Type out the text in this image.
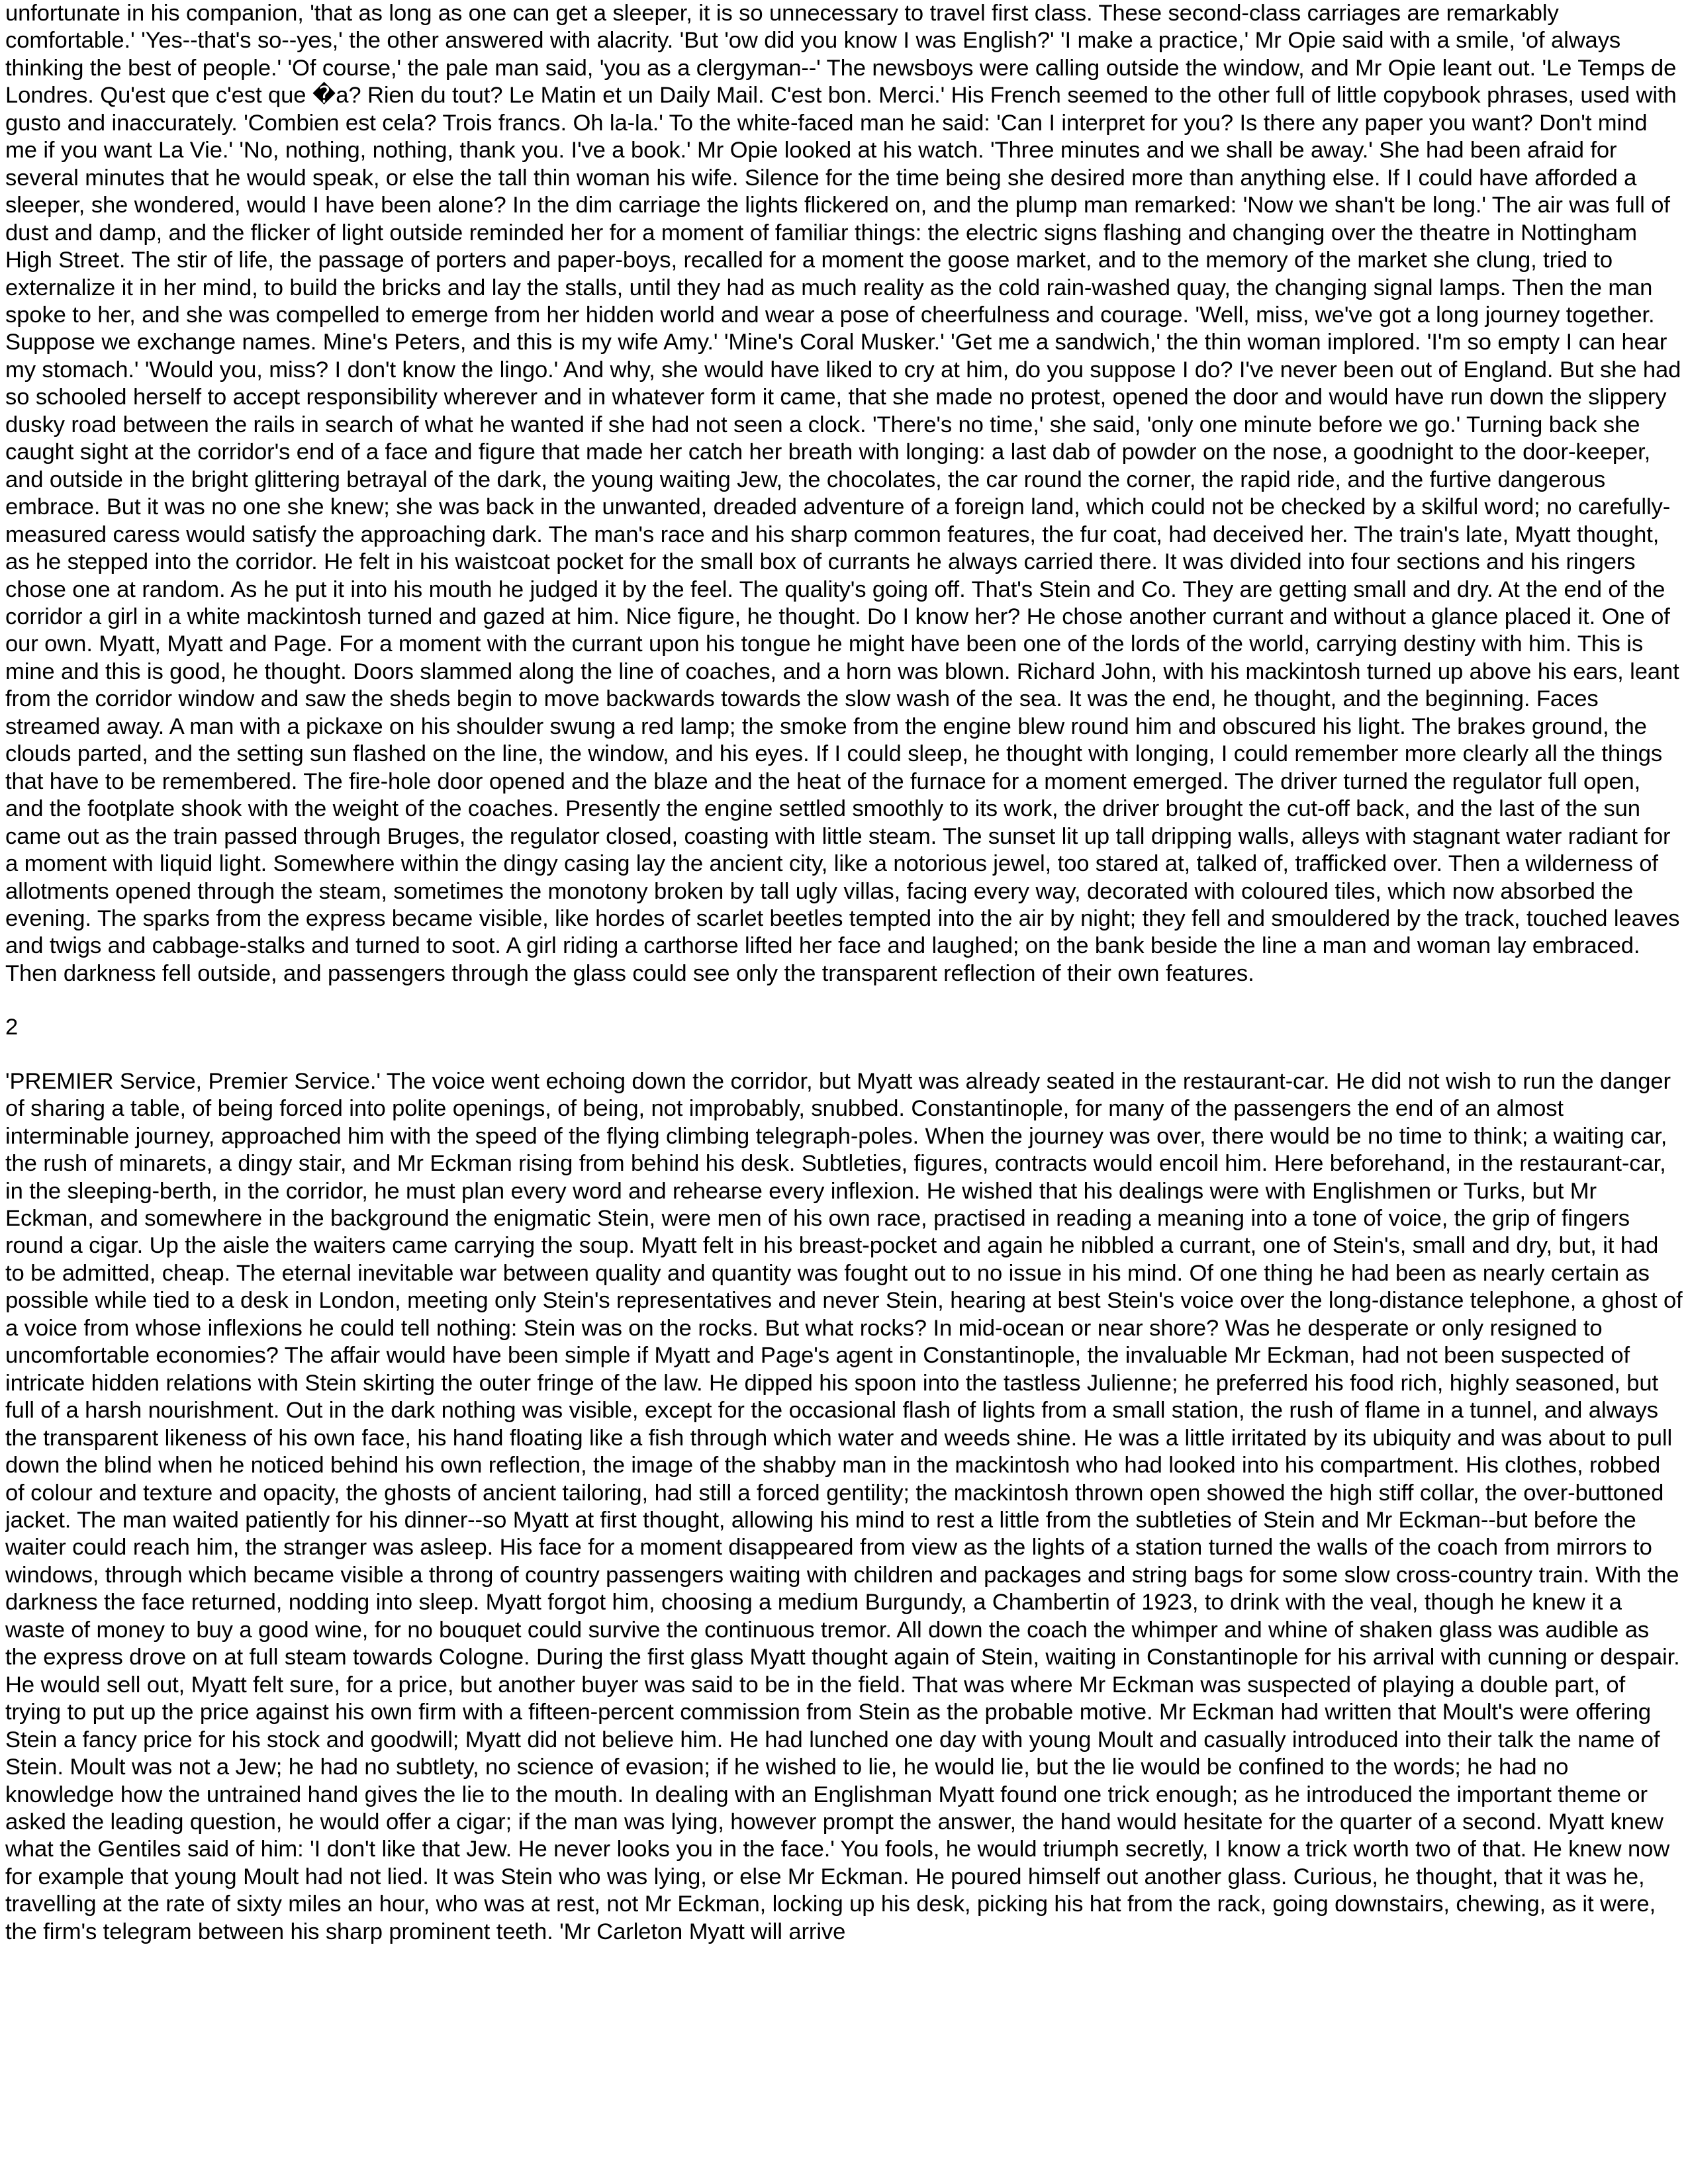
unfortunate in his companion, 'that as long as one can get a sleeper, it is so unnecessary to travel first class. These second-class carriages are remarkably comfortable.' 'Yes--that's so--yes,' the other answered with alacrity. 'But 'ow did you know I was English?' 'I make a practice,' Mr Opie said with a smile, 'of always thinking the best of people.' 'Of course,' the pale man said, 'you as a clergyman--' The newsboys were calling outside the window, and Mr Opie leant out. 'Le Temps de Londres. Qu'est que c'est que �a? Rien du tout? Le Matin et un Daily Mail. C'est bon. Merci.' His French seemed to the other full of little copybook phrases, used with gusto and inaccurately. 'Combien est cela? Trois francs. Oh la-la.' To the white-faced man he said: 'Can I interpret for you? Is there any paper you want? Don't mind me if you want La Vie.' 'No, nothing, nothing, thank you. I've a book.' Mr Opie looked at his watch. 'Three minutes and we shall be away.' She had been afraid for several minutes that he would speak, or else the tall thin woman his wife. Silence for the time being she desired more than anything else. If I could have afforded a sleeper, she wondered, would I have been alone? In the dim carriage the lights flickered on, and the plump man remarked: 'Now we shan't be long.' The air was full of dust and damp, and the flicker of light outside reminded her for a moment of familiar things: the electric signs flashing and changing over the theatre in Nottingham High Street. The stir of life, the passage of porters and paper-boys, recalled for a moment the goose market, and to the memory of the market she clung, tried to externalize it in her mind, to build the bricks and lay the stalls, until they had as much reality as the cold rain-washed quay, the changing signal lamps. Then the man spoke to her, and she was compelled to emerge from her hidden world and wear a pose of cheerfulness and courage. 'Well, miss, we've got a long journey together. Suppose we exchange names. Mine's Peters, and this is my wife Amy.' 'Mine's Coral Musker.' 'Get me a sandwich,' the thin woman implored. 'I'm so empty I can hear my stomach.' 'Would you, miss? I don't know the lingo.' And why, she would have liked to cry at him, do you suppose I do? I've never been out of England. But she had so schooled herself to accept responsibility wherever and in whatever form it came, that she made no protest, opened the door and would have run down the slippery dusky road between the rails in search of what he wanted if she had not seen a clock. 'There's no time,' she said, 'only one minute before we go.' Turning back she caught sight at the corridor's end of a face and figure that made her catch her breath with longing: a last dab of powder on the nose, a goodnight to the door-keeper, and outside in the bright glittering betrayal of the dark, the young waiting Jew, the chocolates, the car round the corner, the rapid ride, and the furtive dangerous embrace. But it was no one she knew; she was back in the unwanted, dreaded adventure of a foreign land, which could not be checked by a skilful word; no carefully-measured caress would satisfy the approaching dark. The man's race and his sharp common features, the fur coat, had deceived her. The train's late, Myatt thought, as he stepped into the corridor. He felt in his waistcoat pocket for the small box of currants he always carried there. It was divided into four sections and his ringers chose one at random. As he put it into his mouth he judged it by the feel. The quality's going off. That's Stein and Co. They are getting small and dry. At the end of the corridor a girl in a white mackintosh turned and gazed at him. Nice figure, he thought. Do I know her? He chose another currant and without a glance placed it. One of our own. Myatt, Myatt and Page. For a moment with the currant upon his tongue he might have been one of the lords of the world, carrying destiny with him. This is mine and this is good, he thought. Doors slammed along the line of coaches, and a horn was blown. Richard John, with his mackintosh turned up above his ears, leant from the corridor window and saw the sheds begin to move backwards towards the slow wash of the sea. It was the end, he thought, and the beginning. Faces streamed away. A man with a pickaxe on his shoulder swung a red lamp; the smoke from the engine blew round him and obscured his light. The brakes ground, the clouds parted, and the setting sun flashed on the line, the window, and his eyes. If I could sleep, he thought with longing, I could remember more clearly all the things that have to be remembered. The fire-hole door opened and the blaze and the heat of the furnace for a moment emerged. The driver turned the regulator full open, and the footplate shook with the weight of the coaches. Presently the engine settled smoothly to its work, the driver brought the cut-off back, and the last of the sun came out as the train passed through Bruges, the regulator closed, coasting with little steam. The sunset lit up tall dripping walls, alleys with stagnant water radiant for a moment with liquid light. Somewhere within the dingy casing lay the ancient city, like a notorious jewel, too stared at, talked of, trafficked over. Then a wilderness of allotments opened through the steam, sometimes the monotony broken by tall ugly villas, facing every way, decorated with coloured tiles, which now absorbed the evening. The sparks from the express became visible, like hordes of scarlet beetles tempted into the air by night; they fell and smouldered by the track, touched leaves and twigs and cabbage-stalks and turned to soot. A girl riding a carthorse lifted her face and laughed; on the bank beside the line a man and woman lay embraced. Then darkness fell outside, and passengers through the glass could see only the transparent reflection of their own features.

2

'PREMIER Service, Premier Service.' The voice went echoing down the corridor, but Myatt was already seated in the restaurant-car. He did not wish to run the danger of sharing a table, of being forced into polite openings, of being, not improbably, snubbed. Constantinople, for many of the passengers the end of an almost interminable journey, approached him with the speed of the flying climbing telegraph-poles. When the journey was over, there would be no time to think; a waiting car, the rush of minarets, a dingy stair, and Mr Eckman rising from behind his desk. Subtleties, figures, contracts would encoil him. Here beforehand, in the restaurant-car, in the sleeping-berth, in the corridor, he must plan every word and rehearse every inflexion. He wished that his dealings were with Englishmen or Turks, but Mr Eckman, and somewhere in the background the enigmatic Stein, were men of his own race, practised in reading a meaning into a tone of voice, the grip of fingers round a cigar. Up the aisle the waiters came carrying the soup. Myatt felt in his breast-pocket and again he nibbled a currant, one of Stein's, small and dry, but, it had to be admitted, cheap. The eternal inevitable war between quality and quantity was fought out to no issue in his mind. Of one thing he had been as nearly certain as possible while tied to a desk in London, meeting only Stein's representatives and never Stein, hearing at best Stein's voice over the long-distance telephone, a ghost of a voice from whose inflexions he could tell nothing: Stein was on the rocks. But what rocks? In mid-ocean or near shore? Was he desperate or only resigned to uncomfortable economies? The affair would have been simple if Myatt and Page's agent in Constantinople, the invaluable Mr Eckman, had not been suspected of intricate hidden relations with Stein skirting the outer fringe of the law. He dipped his spoon into the tastless Julienne; he preferred his food rich, highly seasoned, but full of a harsh nourishment. Out in the dark nothing was visible, except for the occasional flash of lights from a small station, the rush of flame in a tunnel, and always the transparent likeness of his own face, his hand floating like a fish through which water and weeds shine. He was a little irritated by its ubiquity and was about to pull down the blind when he noticed behind his own reflection, the image of the shabby man in the mackintosh who had looked into his compartment. His clothes, robbed of colour and texture and opacity, the ghosts of ancient tailoring, had still a forced gentility; the mackintosh thrown open showed the high stiff collar, the over-buttoned jacket. The man waited patiently for his dinner--so Myatt at first thought, allowing his mind to rest a little from the subtleties of Stein and Mr Eckman--but before the waiter could reach him, the stranger was asleep. His face for a moment disappeared from view as the lights of a station turned the walls of the coach from mirrors to windows, through which became visible a throng of country passengers waiting with children and packages and string bags for some slow cross-country train. With the darkness the face returned, nodding into sleep. Myatt forgot him, choosing a medium Burgundy, a Chambertin of 1923, to drink with the veal, though he knew it a waste of money to buy a good wine, for no bouquet could survive the continuous tremor. All down the coach the whimper and whine of shaken glass was audible as the express drove on at full steam towards Cologne. During the first glass Myatt thought again of Stein, waiting in Constantinople for his arrival with cunning or despair. He would sell out, Myatt felt sure, for a price, but another buyer was said to be in the field. That was where Mr Eckman was suspected of playing a double part, of trying to put up the price against his own firm with a fifteen-percent commission from Stein as the probable motive. Mr Eckman had written that Moult's were offering Stein a fancy price for his stock and goodwill; Myatt did not believe him. He had lunched one day with young Moult and casually introduced into their talk the name of Stein. Moult was not a Jew; he had no subtlety, no science of evasion; if he wished to lie, he would lie, but the lie would be confined to the words; he had no knowledge how the untrained hand gives the lie to the mouth. In dealing with an Englishman Myatt found one trick enough; as he introduced the important theme or asked the leading question, he would offer a cigar; if the man was lying, however prompt the answer, the hand would hesitate for the quarter of a second. Myatt knew what the Gentiles said of him: 'I don't like that Jew. He never looks you in the face.' You fools, he would triumph secretly, I know a trick worth two of that. He knew now for example that young Moult had not lied. It was Stein who was lying, or else Mr Eckman. He poured himself out another glass. Curious, he thought, that it was he, travelling at the rate of sixty miles an hour, who was at rest, not Mr Eckman, locking up his desk, picking his hat from the rack, going downstairs, chewing, as it were, the firm's telegram between his sharp prominent teeth. 'Mr Carleton Myatt will arrive
